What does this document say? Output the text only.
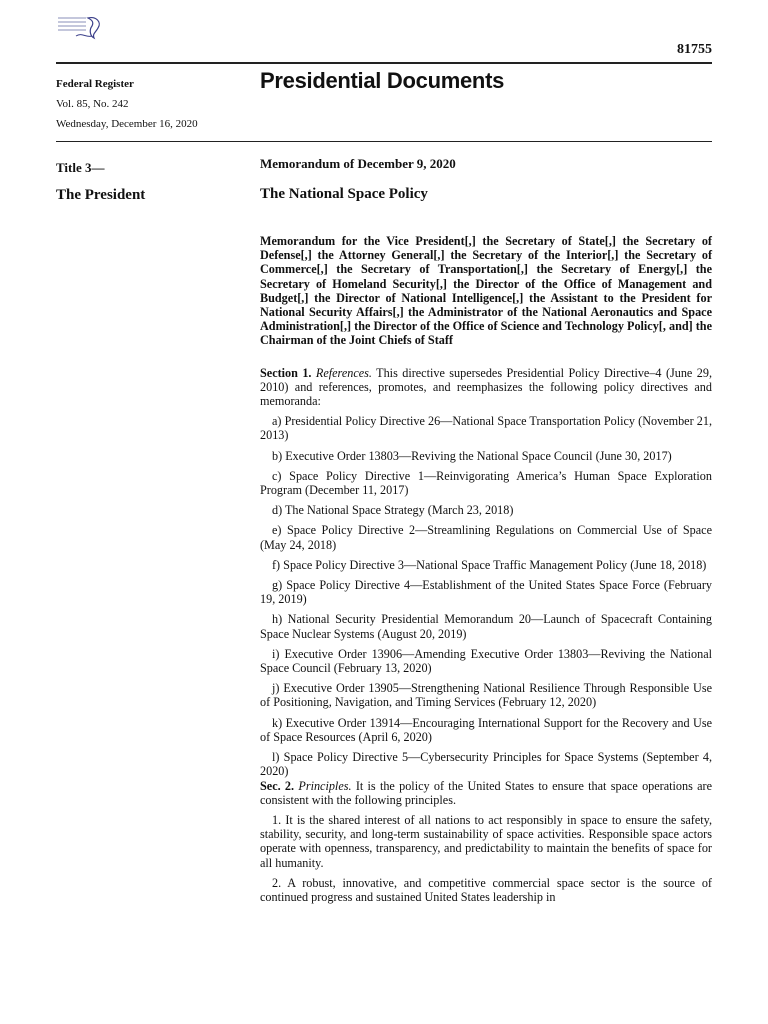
81755
Federal Register
Vol. 85, No. 242
Wednesday, December 16, 2020
Presidential Documents
Title 3—
The President
Memorandum of December 9, 2020
The National Space Policy

Memorandum for the Vice President[,] the Secretary of State[,] the Secretary of Defense[,] the Attorney General[,] the Secretary of the Interior[,] the Secretary of Commerce[,] the Secretary of Transportation[,] the Secretary of Energy[,] the Secretary of Homeland Security[,] the Director of the Office of Management and Budget[,] the Director of National Intelligence[,] the Assistant to the President for National Security Affairs[,] the Administrator of the National Aeronautics and Space Administration[,] the Director of the Office of Science and Technology Policy[, and] the Chairman of the Joint Chiefs of Staff

Section 1. References. This directive supersedes Presidential Policy Directive–4 (June 29, 2010) and references, promotes, and reemphasizes the following policy directives and memoranda:

a) Presidential Policy Directive 26—National Space Transportation Policy (November 21, 2013)

b) Executive Order 13803—Reviving the National Space Council (June 30, 2017)

c) Space Policy Directive 1—Reinvigorating America’s Human Space Exploration Program (December 11, 2017)

d) The National Space Strategy (March 23, 2018)

e) Space Policy Directive 2—Streamlining Regulations on Commercial Use of Space (May 24, 2018)

f) Space Policy Directive 3—National Space Traffic Management Policy (June 18, 2018)

g) Space Policy Directive 4—Establishment of the United States Space Force (February 19, 2019)

h) National Security Presidential Memorandum 20—Launch of Spacecraft Containing Space Nuclear Systems (August 20, 2019)

i) Executive Order 13906—Amending Executive Order 13803—Reviving the National Space Council (February 13, 2020)

j) Executive Order 13905—Strengthening National Resilience Through Responsible Use of Positioning, Navigation, and Timing Services (February 12, 2020)

k) Executive Order 13914—Encouraging International Support for the Recovery and Use of Space Resources (April 6, 2020)

l) Space Policy Directive 5—Cybersecurity Principles for Space Systems (September 4, 2020)

Sec. 2. Principles. It is the policy of the United States to ensure that space operations are consistent with the following principles.

1. It is the shared interest of all nations to act responsibly in space to ensure the safety, stability, security, and long-term sustainability of space activities. Responsible space actors operate with openness, transparency, and predictability to maintain the benefits of space for all humanity.

2. A robust, innovative, and competitive commercial space sector is the source of continued progress and sustained United States leadership in
